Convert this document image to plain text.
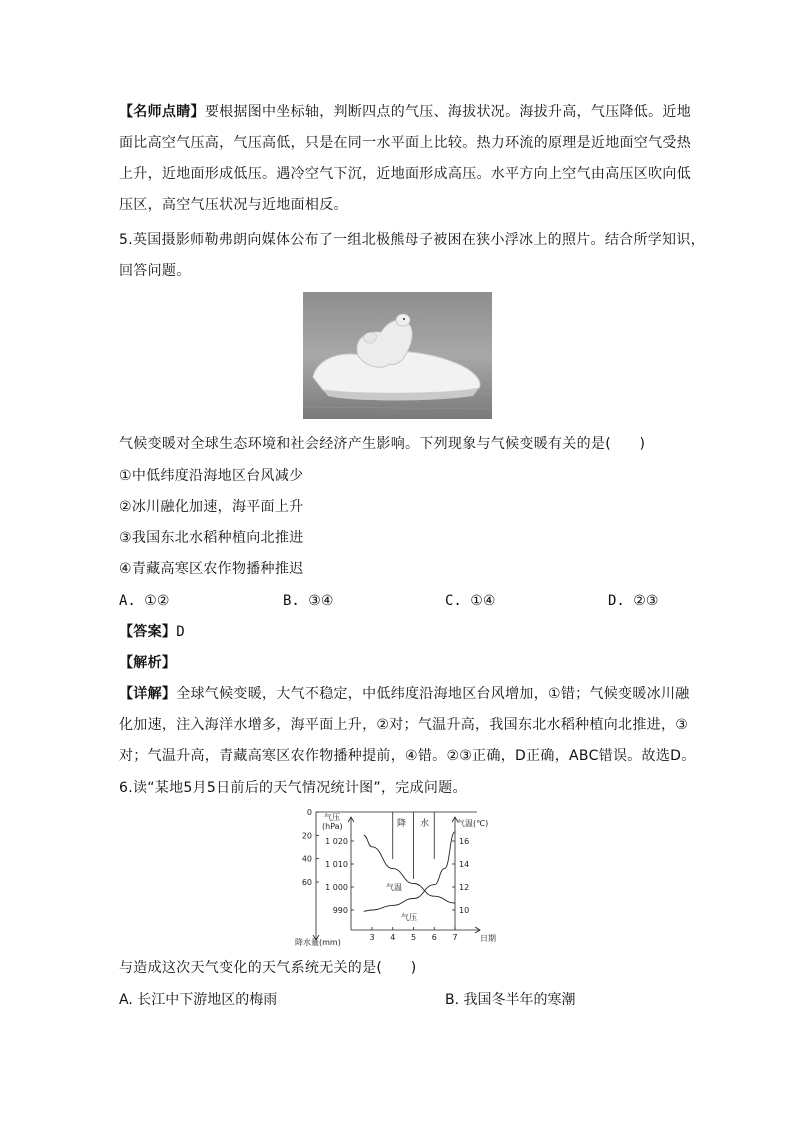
【名师点睛】要根据图中坐标轴，判断四点的气压、海拔状况。海拔升高，气压降低。近地
面比高空气压高，气压高低，只是在同一水平面上比较。热力环流的原理是近地面空气受热
上升，近地面形成低压。遇冷空气下沉，近地面形成高压。水平方向上空气由高压区吹向低
压区，高空气压状况与近地面相反。
5.英国摄影师勒弗朗向媒体公布了一组北极熊母子被困在狭小浮冰上的照片。结合所学知识，
回答问题。
气候变暖对全球生态环境和社会经济产生影响。下列现象与气候变暖有关的是(　　)
①中低纬度沿海地区台风减少
②冰川融化加速，海平面上升
③我国东北水稻种植向北推进
④青藏高寒区农作物播种推迟
A. ①②	B. ③④	C. ①④	D. ②③
【答案】D
【解析】
【详解】全球气候变暖，大气不稳定，中低纬度沿海地区台风增加，①错；气候变暖冰川融
化加速，注入海洋水增多，海平面上升，②对；气温升高，我国东北水稻种植向北推进，③
对；气温升高，青藏高寒区农作物播种提前，④错。②③正确，D正确，ABC错误。故选D。
6.读“某地5月5日前后的天气情况统计图”，完成问题。
降 水
气温
气压
气压(hPa)	气温(℃)
降水量(mm)	日期
0
20
40
60
1 020
1 010
1 000
990
16
14
12
10
3 4 5 6 7
与造成这次天气变化的天气系统无关的是(　　)
A. 长江中下游地区的梅雨	B. 我国冬半年的寒潮
